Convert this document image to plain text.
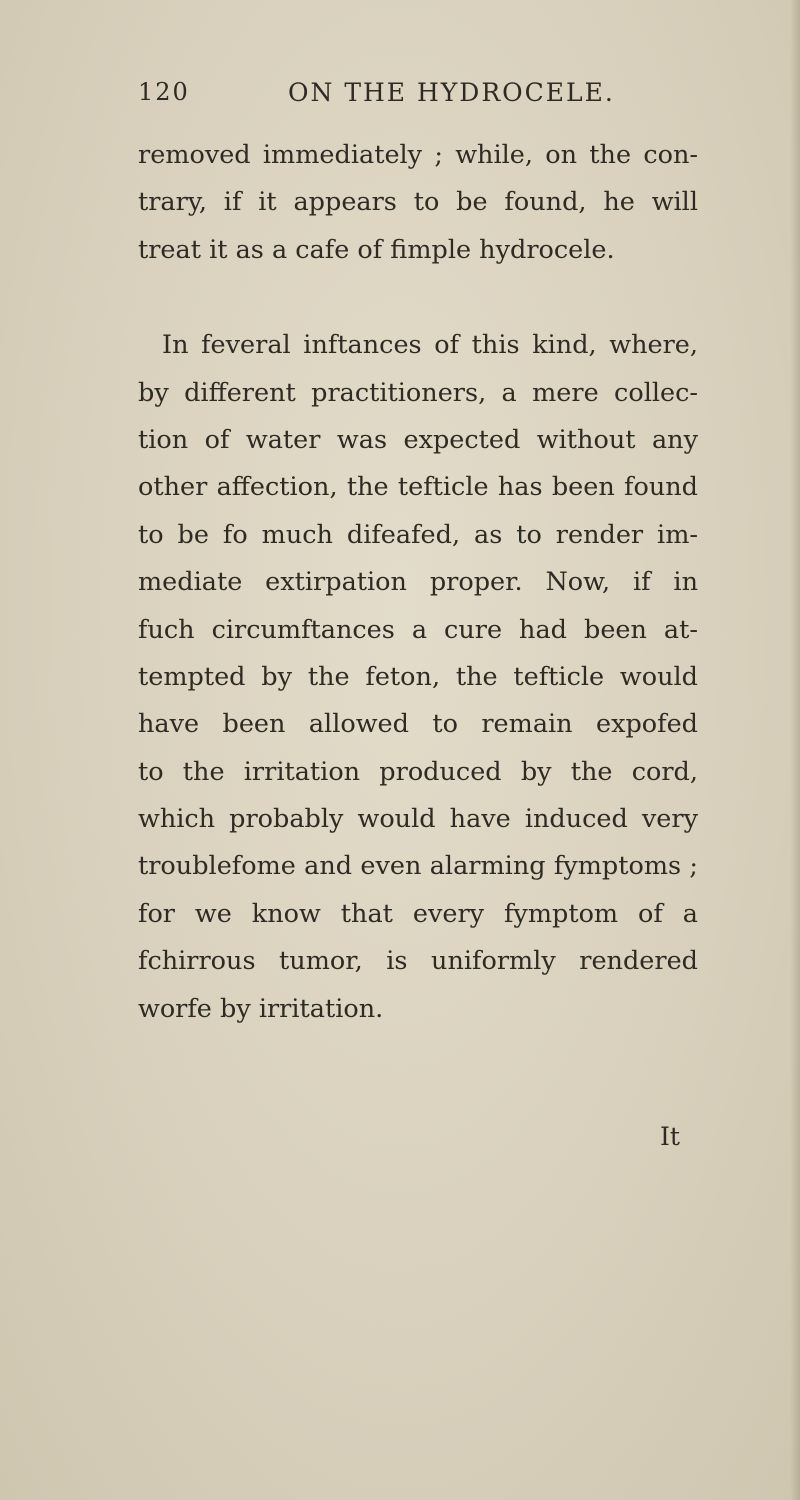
120	ON THE HYDROCELE.
removed immediately ; while, on the con-
trary, if it appears to be found, he will
treat it as a cafe of fimple hydrocele.
In feveral inftances of this kind, where,
by different practitioners, a mere collec-
tion of water was expected without any
other affection, the tefticle has been found
to be fo much difeafed, as to render im-
mediate extirpation proper. Now, if in
fuch circumftances a cure had been at-
tempted by the feton, the tefticle would
have been allowed to remain expofed
to the irritation produced by the cord,
which probably would have induced very
troublefome and even alarming fymptoms ;
for we know that every fymptom of a
fchirrous tumor, is uniformly rendered
worfe by irritation.
It
